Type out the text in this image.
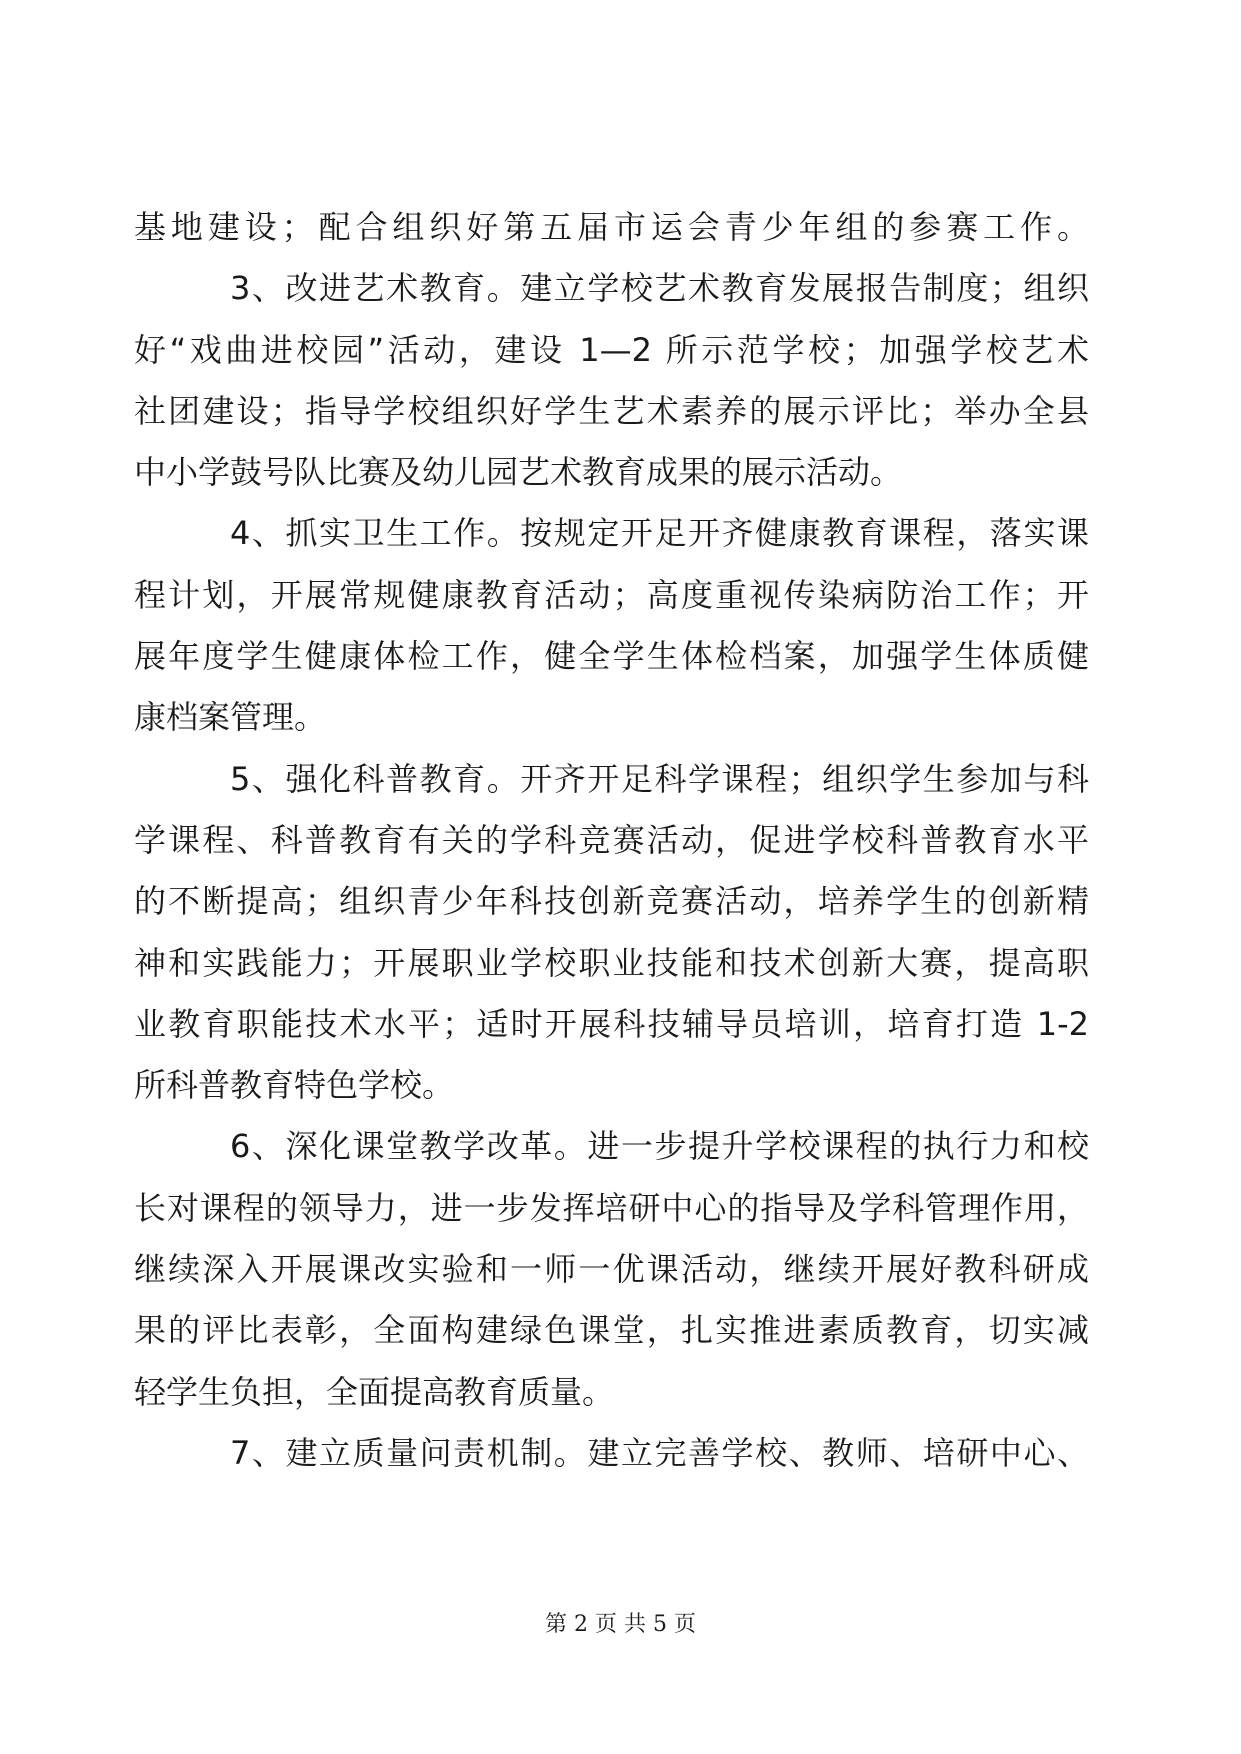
基地建设；配合组织好第五届市运会青少年组的参赛工作。
3、改进艺术教育。建立学校艺术教育发展报告制度；组织
好“戏曲进校园”活动，建设 1—2 所示范学校；加强学校艺术
社团建设；指导学校组织好学生艺术素养的展示评比；举办全县
中小学鼓号队比赛及幼儿园艺术教育成果的展示活动。
4、抓实卫生工作。按规定开足开齐健康教育课程，落实课
程计划，开展常规健康教育活动；高度重视传染病防治工作；开
展年度学生健康体检工作，健全学生体检档案，加强学生体质健
康档案管理。
5、强化科普教育。开齐开足科学课程；组织学生参加与科
学课程、科普教育有关的学科竞赛活动，促进学校科普教育水平
的不断提高；组织青少年科技创新竞赛活动，培养学生的创新精
神和实践能力；开展职业学校职业技能和技术创新大赛，提高职
业教育职能技术水平；适时开展科技辅导员培训，培育打造 1-2
所科普教育特色学校。
6、深化课堂教学改革。进一步提升学校课程的执行力和校
长对课程的领导力，进一步发挥培研中心的指导及学科管理作用，
继续深入开展课改实验和一师一优课活动，继续开展好教科研成
果的评比表彰，全面构建绿色课堂，扎实推进素质教育，切实减
轻学生负担，全面提高教育质量。
7、建立质量问责机制。建立完善学校、教师、培研中心、
第 2 页 共 5 页
